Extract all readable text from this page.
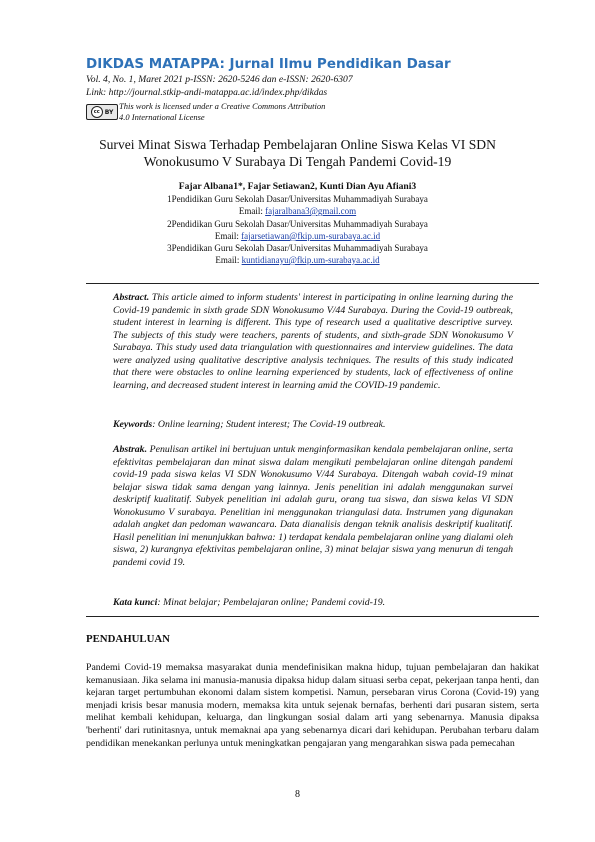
DIKDAS MATAPPA: Jurnal Ilmu Pendidikan Dasar
Vol. 4, No. 1, Maret 2021 p-ISSN: 2620-5246 dan e-ISSN: 2620-6307
Link: http://journal.stkip-andi-matappa.ac.id/index.php/dikdas
cc BY
This work is licensed under a Creative Commons Attribution
4.0 International License
Survei Minat Siswa Terhadap Pembelajaran Online Siswa Kelas VI SDN
Wonokusumo V Surabaya Di Tengah Pandemi Covid-19
Fajar Albana1*, Fajar Setiawan2, Kunti Dian Ayu Afiani3
1Pendidikan Guru Sekolah Dasar/Universitas Muhammadiyah Surabaya
Email: fajaralbana3@gmail.com
2Pendidikan Guru Sekolah Dasar/Universitas Muhammadiyah Surabaya
Email: fajarsetiawan@fkip.um-surabaya.ac.id
3Pendidikan Guru Sekolah Dasar/Universitas Muhammadiyah Surabaya
Email: kuntidianayu@fkip.um-surabaya.ac.id
Abstract. This article aimed to inform students' interest in participating in online learning during the Covid-19 pandemic in sixth grade SDN Wonokusumo V/44 Surabaya. During the Covid-19 outbreak, student interest in learning is different. This type of research used a qualitative descriptive survey. The subjects of this study were teachers, parents of students, and sixth-grade SDN Wonokusumo V Surabaya. This study used data triangulation with questionnaires and interview guidelines. The data were analyzed using qualitative descriptive analysis techniques. The results of this study indicated that there were obstacles to online learning experienced by students, lack of effectiveness of online learning, and decreased student interest in learning amid the COVID-19 pandemic.
Keywords: Online learning; Student interest; The Covid-19 outbreak.
Abstrak. Penulisan artikel ini bertujuan untuk menginformasikan kendala pembelajaran online, serta efektivitas pembelajaran dan minat siswa dalam mengikuti pembelajaran online ditengah pandemi covid-19 pada siswa kelas VI SDN Wonokusumo V/44 Surabaya. Ditengah wabah covid-19 minat belajar siswa tidak sama dengan yang lainnya. Jenis penelitian ini adalah menggunakan survei deskriptif kualitatif. Subyek penelitian ini adalah guru, orang tua siswa, dan siswa kelas VI SDN Wonokusumo V surabaya. Penelitian ini menggunakan triangulasi data. Instrumen yang digunakan adalah angket dan pedoman wawancara. Data dianalisis dengan teknik analisis deskriptif kualitatif. Hasil penelitian ini menunjukkan bahwa: 1) terdapat kendala pembelajaran online yang dialami oleh siswa, 2) kurangnya efektivitas pembelajaran online, 3) minat belajar siswa yang menurun di tengah pandemi covid 19.
Kata kunci: Minat belajar; Pembelajaran online; Pandemi covid-19.
PENDAHULUAN
Pandemi Covid-19 memaksa masyarakat dunia mendefinisikan makna hidup, tujuan pembelajaran dan hakikat kemanusiaan. Jika selama ini manusia-manusia dipaksa hidup dalam situasi serba cepat, pekerjaan tanpa henti, dan kejaran target pertumbuhan ekonomi dalam sistem kompetisi. Namun, persebaran virus Corona (Covid-19) yang menjadi krisis besar manusia modern, memaksa kita untuk sejenak bernafas, berhenti dari pusaran sistem, serta melihat kembali kehidupan, keluarga, dan lingkungan sosial dalam arti yang sebenarnya. Manusia dipaksa 'berhenti' dari rutinitasnya, untuk memaknai apa yang sebenarnya dicari dari kehidupan. Perubahan terbaru dalam pendidikan menekankan perlunya untuk meningkatkan pengajaran yang mengarahkan siswa pada pemecahan
8
